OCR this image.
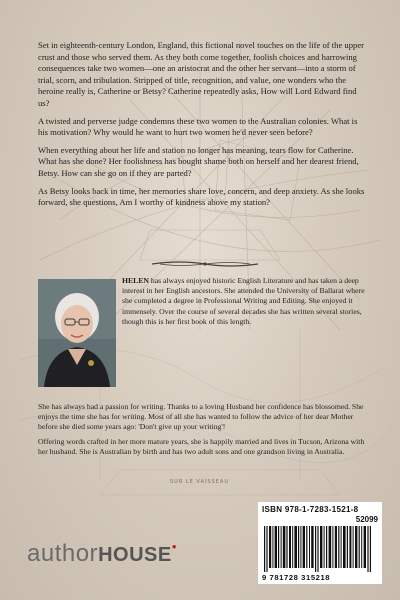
Set in eighteenth-century London, England, this fictional novel touches on the life of the upper crust and those who served them. As they both come together, foolish choices and harrowing consequences take two women—one an aristocrat and the other her servant—into a storm of trial, scorn, and tribulation. Stripped of title, recognition, and value, one wonders who the heroine really is, Catherine or Betsy? Catherine repeatedly asks, How will Lord Edward find us?

A twisted and perverse judge condemns these two women to the Australian colonies. What is his motivation? Why would he want to hurt two women he'd never seen before?

When everything about her life and station no longer has meaning, tears flow for Catherine. What has she done? Her foolishness has bought shame both on herself and her dearest friend, Betsy. How can she go on if they are parted?

As Betsy looks back in time, her memories share love, concern, and deep anxiety. As she looks forward, she questions, Am I worthy of kindness above my station?

HELEN has always enjoyed historic English Literature and has taken a deep interest in her English ancestors. She attended the University of Ballarat where she completed a degree in Professional Writing and Editing. She enjoyed it immensely. Over the course of several decades she has written several stories, though this is her first book of this length.

She has always had a passion for writing. Thanks to a loving Husband her confidence has blossomed. She enjoys the time she has for writing. Most of all she has wanted to follow the advice of her dear Mother before she died some years ago: 'Don't give up your writing'!

Offering words crafted in her more mature years, she is happily married and lives in Tucson, Arizona with her husband. She is Australian by birth and has two adult sons and one grandson living in Australia.

SUR LE VAISSEAU
authorHOUSE●
ISBN 978-1-7283-1521-8
52099
9 781728 315218
